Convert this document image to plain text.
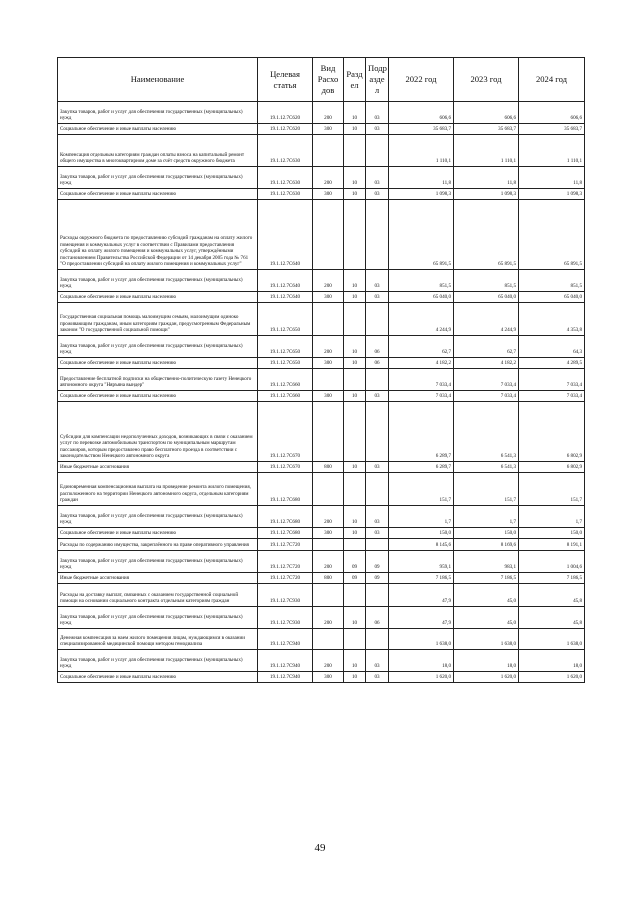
Наименование	Целевая статья	Вид Расхо дов	Разд ел	Подр азде л	2022 год	2023 год	2024 год
Закупка товаров, работ и услуг для обеспечения государственных (муниципальных) нужд	19.1.12.7С620	200	10	03	606,6	606,6	606,6
Социальное обеспечение и иные выплаты населению	19.1.12.7С620	300	10	03	35 683,7	35 683,7	35 683,7
Компенсация отдельным категориям граждан оплаты взноса на капитальный ремонт общего имущества в многоквартирном доме за счёт средств окружного бюджета	19.1.12.7С630				1 110,1	1 110,1	1 110,1
Закупка товаров, работ и услуг для обеспечения государственных (муниципальных) нужд	19.1.12.7С630	200	10	03	11,8	11,8	11,8
Социальное обеспечение и иные выплаты населению	19.1.12.7С630	300	10	03	1 098,3	1 098,3	1 098,3
Расходы окружного бюджета по предоставлению субсидий гражданам на оплату жилого помещения и коммунальных услуг в соответствии с Правилами предоставления субсидий на оплату жилого помещения и коммунальных услуг, утверждёнными постановлением Правительства Российской Федерации от 14 декабря 2005 года № 761 "О предоставлении субсидий на оплату жилого помещения и коммунальных услуг"	19.1.12.7С640				65 891,5	65 891,5	65 891,5
Закупка товаров, работ и услуг для обеспечения государственных (муниципальных) нужд	19.1.12.7С640	200	10	03	851,5	851,5	851,5
Социальное обеспечение и иные выплаты населению	19.1.12.7С640	300	10	03	65 040,0	65 040,0	65 040,0
Государственная социальная помощь малоимущим семьям, малоимущим одиноко проживающим гражданам, иным категориям граждан, предусмотренным Федеральным законом "О государственной социальной помощи"	19.1.12.7С650				4 244,9	4 244,9	4 353,8
Закупка товаров, работ и услуг для обеспечения государственных (муниципальных) нужд	19.1.12.7С650	200	10	06	62,7	62,7	64,3
Социальное обеспечение и иные выплаты населению	19.1.12.7С650	300	10	06	4 182,2	4 182,2	4 289,5
Предоставление бесплатной подписки на общественно-политическую газету Ненецкого автономного округа "Няръяна вындер"	19.1.12.7С660				7 033,4	7 033,4	7 033,4
Социальное обеспечение и иные выплаты населению	19.1.12.7С660	300	10	03	7 033,4	7 033,4	7 033,4
Субсидии для компенсации недополученных доходов, возникающих в связи с оказанием услуг по перевозке автомобильным транспортом по муниципальным маршрутам пассажиров, которым предоставлено право бесплатного проезда в соответствии с законодательством Ненецкого автономного округа	19.1.12.7С670				6 289,7	6 541,3	6 802,9
Иные бюджетные ассигнования	19.1.12.7С670	800	10	03	6 289,7	6 541,3	6 802,9
Единовременная компенсационная выплата на проведение ремонта жилого помещения, расположенного на территории Ненецкого автономного округа, отдельным категориям граждан	19.1.12.7С680				151,7	151,7	151,7
Закупка товаров, работ и услуг для обеспечения государственных (муниципальных) нужд	19.1.12.7С680	200	10	03	1,7	1,7	1,7
Социальное обеспечение и иные выплаты населению	19.1.12.7С680	300	10	03	150,0	150,0	150,0
Расходы по содержанию имущества, закреплённого на праве оперативного управления	19.1.12.7С720				8 145,6	8 169,6	8 191,1
Закупка товаров, работ и услуг для обеспечения государственных (муниципальных) нужд	19.1.12.7С720	200	09	09	959,1	983,1	1 004,6
Иные бюджетные ассигнования	19.1.12.7С720	800	09	09	7 186,5	7 186,5	7 186,5
Расходы на доставку выплат, связанных с оказанием государственной социальной помощи на основании социального контракта отдельным категориям граждан	19.1.12.7С930				47,9	45,0	45,8
Закупка товаров, работ и услуг для обеспечения государственных (муниципальных) нужд	19.1.12.7С930	200	10	06	47,9	45,0	45,8
Денежная компенсация за наем жилого помещения лицам, нуждающимся в оказании специализированной медицинской помощи методом гемодиализа	19.1.12.7С940				1 638,0	1 638,0	1 638,0
Закупка товаров, работ и услуг для обеспечения государственных (муниципальных) нужд	19.1.12.7С940	200	10	03	18,0	18,0	18,0
Социальное обеспечение и иные выплаты населению	19.1.12.7С940	300	10	03	1 620,0	1 620,0	1 620,0
49
